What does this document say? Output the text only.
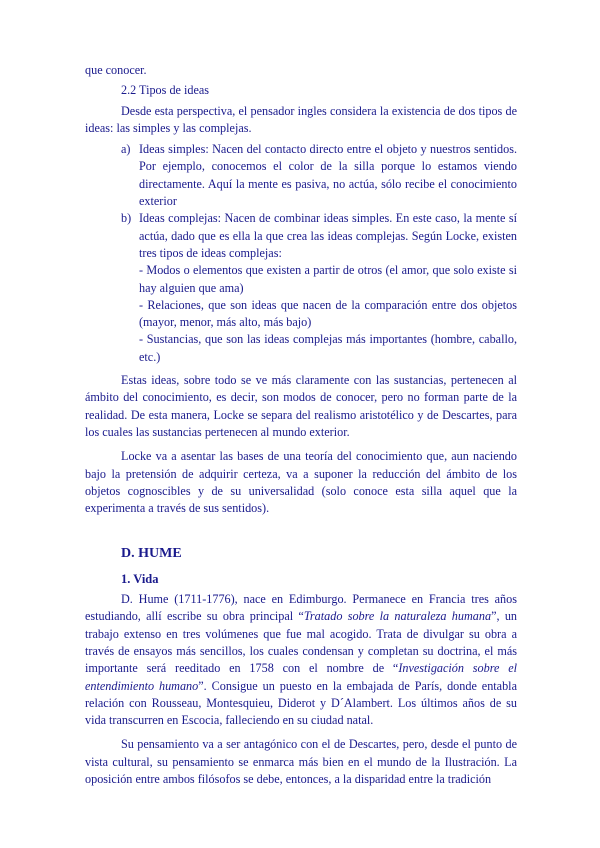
que conocer.

2.2 Tipos de ideas

Desde esta perspectiva, el pensador ingles considera la existencia de dos tipos de ideas: las simples y las complejas.

a) Ideas simples: Nacen del contacto directo entre el objeto y nuestros sentidos. Por ejemplo, conocemos el color de la silla porque lo estamos viendo directamente. Aquí la mente es pasiva, no actúa, sólo recibe el conocimiento exterior
b) Ideas complejas: Nacen de combinar ideas simples. En este caso, la mente sí actúa, dado que es ella la que crea las ideas complejas. Según Locke, existen tres tipos de ideas complejas:
- Modos o elementos que existen a partir de otros (el amor, que solo existe si hay alguien que ama)
- Relaciones, que son ideas que nacen de la comparación entre dos objetos (mayor, menor, más alto, más bajo)
- Sustancias, que son las ideas complejas más importantes (hombre, caballo, etc.)

Estas ideas, sobre todo se ve más claramente con las sustancias, pertenecen al ámbito del conocimiento, es decir, son modos de conocer, pero no forman parte de la realidad. De esta manera, Locke se separa del realismo aristotélico y de Descartes, para los cuales las sustancias pertenecen al mundo exterior.

Locke va a asentar las bases de una teoría del conocimiento que, aun naciendo bajo la pretensión de adquirir certeza, va a suponer la reducción del ámbito de los objetos cognoscibles y de su universalidad (solo conoce esta silla aquel que la experimenta a través de sus sentidos).

D. HUME
1. Vida

D. Hume (1711-1776), nace en Edimburgo. Permanece en Francia tres años estudiando, allí escribe su obra principal “Tratado sobre la naturaleza humana”, un trabajo extenso en tres volúmenes que fue mal acogido. Trata de divulgar su obra a través de ensayos más sencillos, los cuales condensan y completan su doctrina, el más importante será reeditado en 1758 con el nombre de “Investigación sobre el entendimiento humano”. Consigue un puesto en la embajada de París, donde entabla relación con Rousseau, Montesquieu, Diderot y D´Alambert. Los últimos años de su vida transcurren en Escocia, falleciendo en su ciudad natal.

Su pensamiento va a ser antagónico con el de Descartes, pero, desde el punto de vista cultural, su pensamiento se enmarca más bien en el mundo de la Ilustración. La oposición entre ambos filósofos se debe, entonces, a la disparidad entre la tradición
